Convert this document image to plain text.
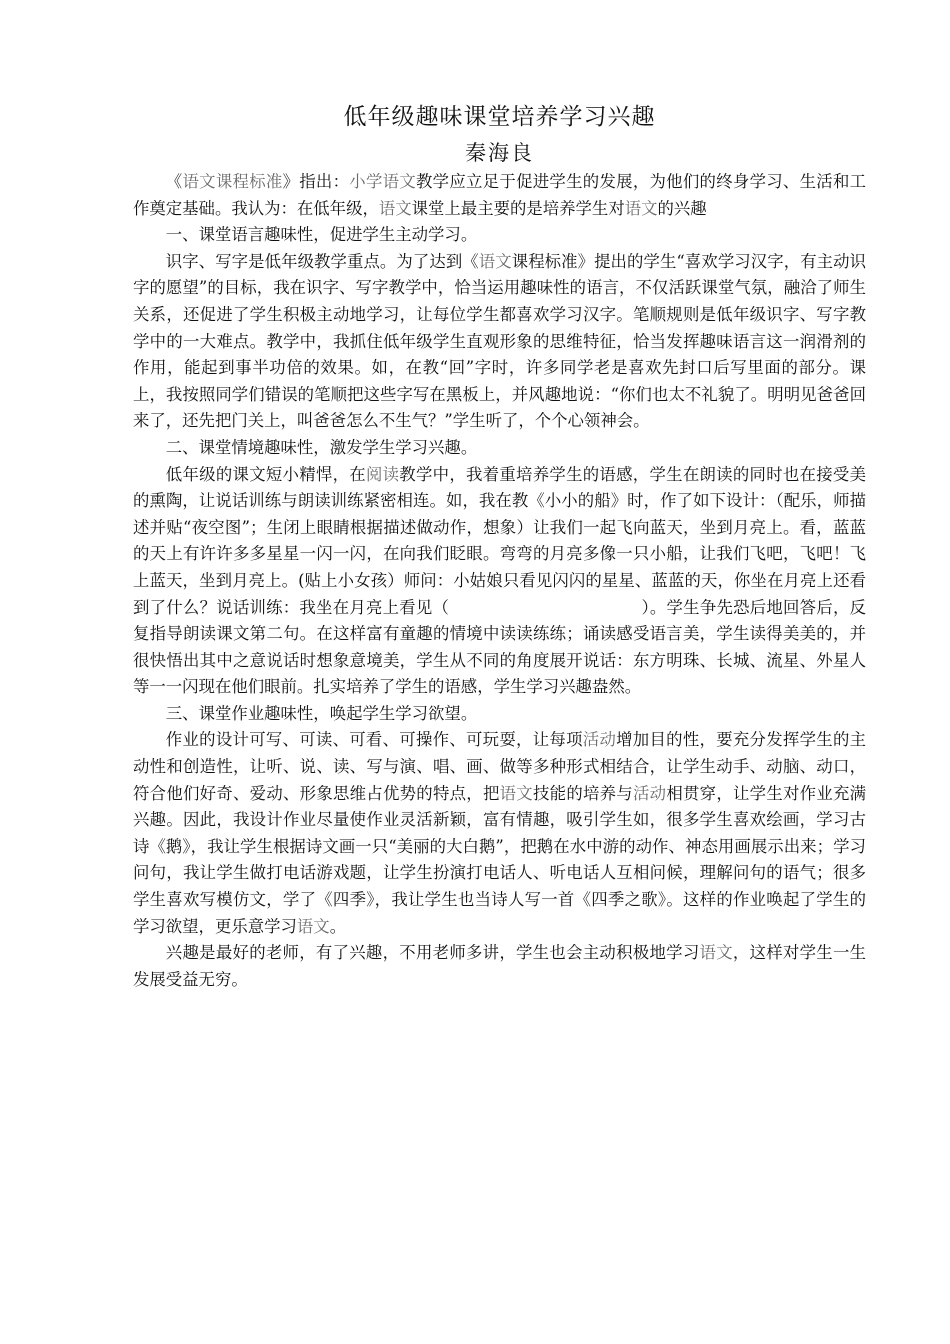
低年级趣味课堂培养学习兴趣
秦海良

《语文课程标准》指出：小学语文教学应立足于促进学生的发展，为他们的终身学习、生活和工作奠定基础。我认为：在低年级，语文课堂上最主要的是培养学生对语文的兴趣

一、课堂语言趣味性，促进学生主动学习。

识字、写字是低年级教学重点。为了达到《语文课程标准》提出的学生“喜欢学习汉字，有主动识字的愿望”的目标，我在识字、写字教学中，恰当运用趣味性的语言，不仅活跃课堂气氛，融洽了师生关系，还促进了学生积极主动地学习，让每位学生都喜欢学习汉字。笔顺规则是低年级识字、写字教学中的一大难点。教学中，我抓住低年级学生直观形象的思维特征，恰当发挥趣味语言这一润滑剂的作用，能起到事半功倍的效果。如，在教“回”字时，许多同学老是喜欢先封口后写里面的部分。课上，我按照同学们错误的笔顺把这些字写在黑板上，并风趣地说：“你们也太不礼貌了。明明见爸爸回来了，还先把门关上，叫爸爸怎么不生气？”学生听了，个个心领神会。

二、课堂情境趣味性，激发学生学习兴趣。

低年级的课文短小精悍，在阅读教学中，我着重培养学生的语感，学生在朗读的同时也在接受美的熏陶，让说话训练与朗读训练紧密相连。如，我在教《小小的船》时，作了如下设计：（配乐，师描述并贴“夜空图”；生闭上眼睛根据描述做动作，想象）让我们一起飞向蓝天，坐到月亮上。看，蓝蓝的天上有许许多多星星一闪一闪，在向我们眨眼。弯弯的月亮多像一只小船，让我们飞吧，飞吧！飞上蓝天，坐到月亮上。(贴上小女孩）师问：小姑娘只看见闪闪的星星、蓝蓝的天，你坐在月亮上还看到了什么？说话训练：我坐在月亮上看见（	）。学生争先恐后地回答后，反复指导朗读课文第二句。在这样富有童趣的情境中读读练练；诵读感受语言美，学生读得美美的，并很快悟出其中之意说话时想象意境美，学生从不同的角度展开说话：东方明珠、长城、流星、外星人等一一闪现在他们眼前。扎实培养了学生的语感，学生学习兴趣盎然。

三、课堂作业趣味性，唤起学生学习欲望。

作业的设计可写、可读、可看、可操作、可玩耍，让每项活动增加目的性，要充分发挥学生的主动性和创造性，让听、说、读、写与演、唱、画、做等多种形式相结合，让学生动手、动脑、动口，符合他们好奇、爱动、形象思维占优势的特点，把语文技能的培养与活动相贯穿，让学生对作业充满兴趣。因此，我设计作业尽量使作业灵活新颖，富有情趣，吸引学生如，很多学生喜欢绘画，学习古诗《鹅》，我让学生根据诗文画一只“美丽的大白鹅”，把鹅在水中游的动作、神态用画展示出来；学习问句，我让学生做打电话游戏题，让学生扮演打电话人、听电话人互相问候，理解问句的语气；很多学生喜欢写模仿文，学了《四季》，我让学生也当诗人写一首《四季之歌》。这样的作业唤起了学生的学习欲望，更乐意学习语文。

兴趣是最好的老师，有了兴趣，不用老师多讲，学生也会主动积极地学习语文，这样对学生一生发展受益无穷。
